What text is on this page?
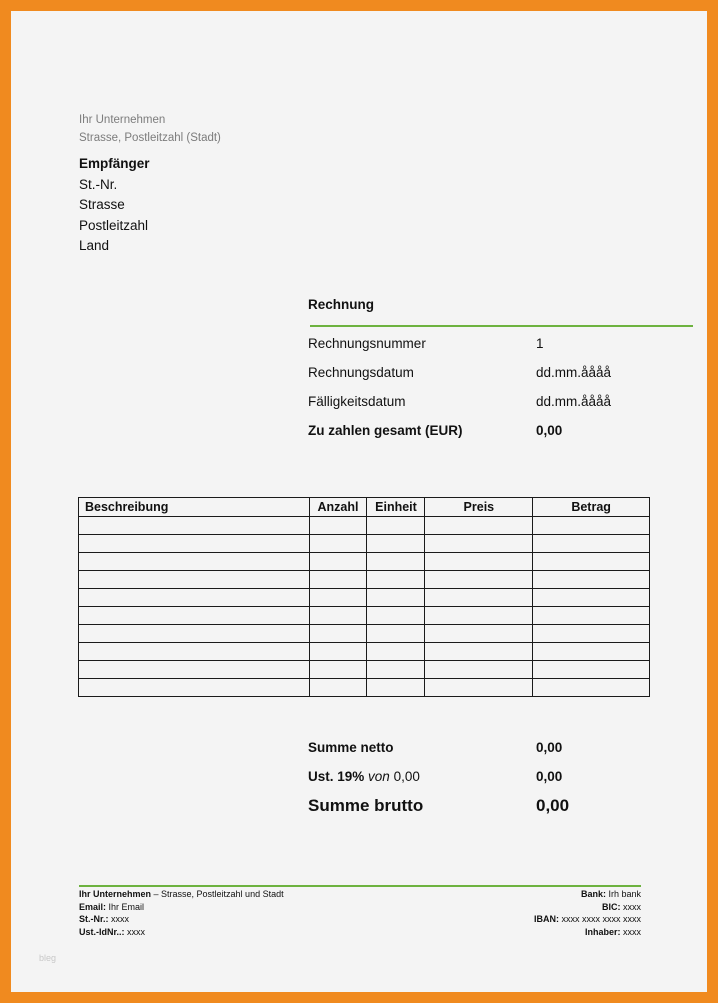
Ihr Unternehmen
Strasse, Postleitzahl (Stadt)
Empfänger
St.-Nr.
Strasse
Postleitzahl
Land
Rechnung
Rechnungsnummer	1
Rechnungsdatum	dd.mm.åååå
Fälligkeitsdatum	dd.mm.åååå
Zu zahlen gesamt (EUR)	0,00
Beschreibung	Anzahl	Einheit	Preis	Betrag

Summe netto	0,00
Ust. 19% von 0,00	0,00
Summe brutto	0,00
Ihr Unternehmen – Strasse, Postleitzahl und Stadt
Email: Ihr Email
St.-Nr.: xxxx
Ust.-IdNr..: xxxx
Bank: Irh bank
BIC: xxxx
IBAN: xxxx xxxx xxxx xxxx
Inhaber: xxxx
bleg
